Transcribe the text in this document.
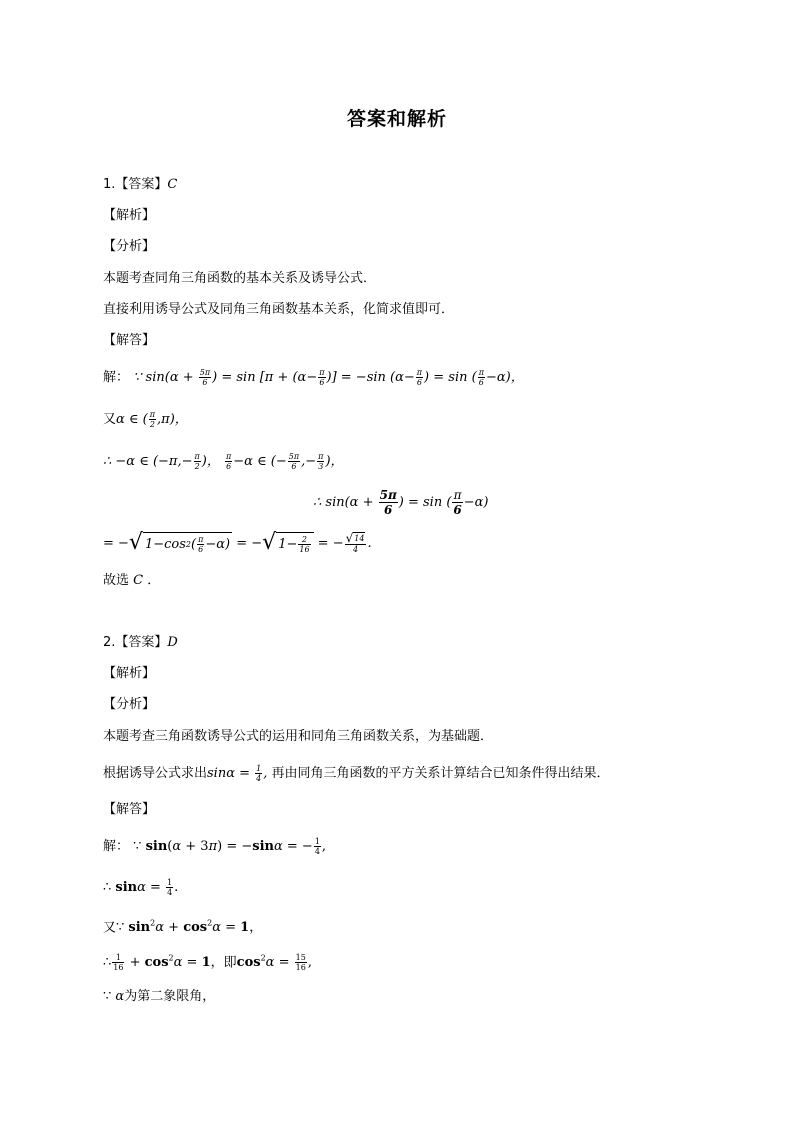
答案和解析
1.【答案】C
【解析】
【分析】
本题考查同角三角函数的基本关系及诱导公式．
直接利用诱导公式及同角三角函数基本关系，化简求值即可．
【解答】
解： ∵ $\sin(\alpha + \frac{5\pi}{6}$ ) = $\sin [\pi + (\alpha- \frac{\pi}{6}$ )] = −sin ($\alpha- \frac{\pi}{6}$ ) = sin ( $\frac{\pi}{6} -\alpha$)，
又α ∈ ( $\frac{\pi}{2} ,\pi$)，
∴ −α ∈ ($-\pi,- \frac{\pi}{2}$ )， $\frac{\pi}{6} -\alpha$ ∈ (− $\frac{5\pi}{6}$ ,− $\frac{\pi}{3}$ )，
∴ $\sin(\alpha + \frac{5\pi}{6}$ ) = sin ( $\frac{\pi}{6} -\alpha$)
= − √ 1−cos 2 ( $\frac{\pi}{6} -\alpha$) = − √ $1- \frac{2}{16}$ = − $\frac{√ 14}{4}$ .
故选 C ．
2.【答案】D
【解析】
【分析】
本题考查三角函数诱导公式的运用和同角三角函数关系，为基础题．
根据诱导公式求出$\sin\alpha = \frac{1}{4}$ , 再由同角三角函数的平方关系计算结合已知条件得出结果．
【解答】
解： ∵ sin(α + 3π) = −sinα = − $\frac{1}{4}$ ,
∴ $\sin\alpha = \frac{1}{4}$ .
又∵ $\sin^2\alpha + \cos^2\alpha = 1$，
∴ $\frac{1}{16} + \cos^2\alpha = 1$，即$\cos^2\alpha = \frac{15}{16}$ ,
∵ α为第二象限角，
